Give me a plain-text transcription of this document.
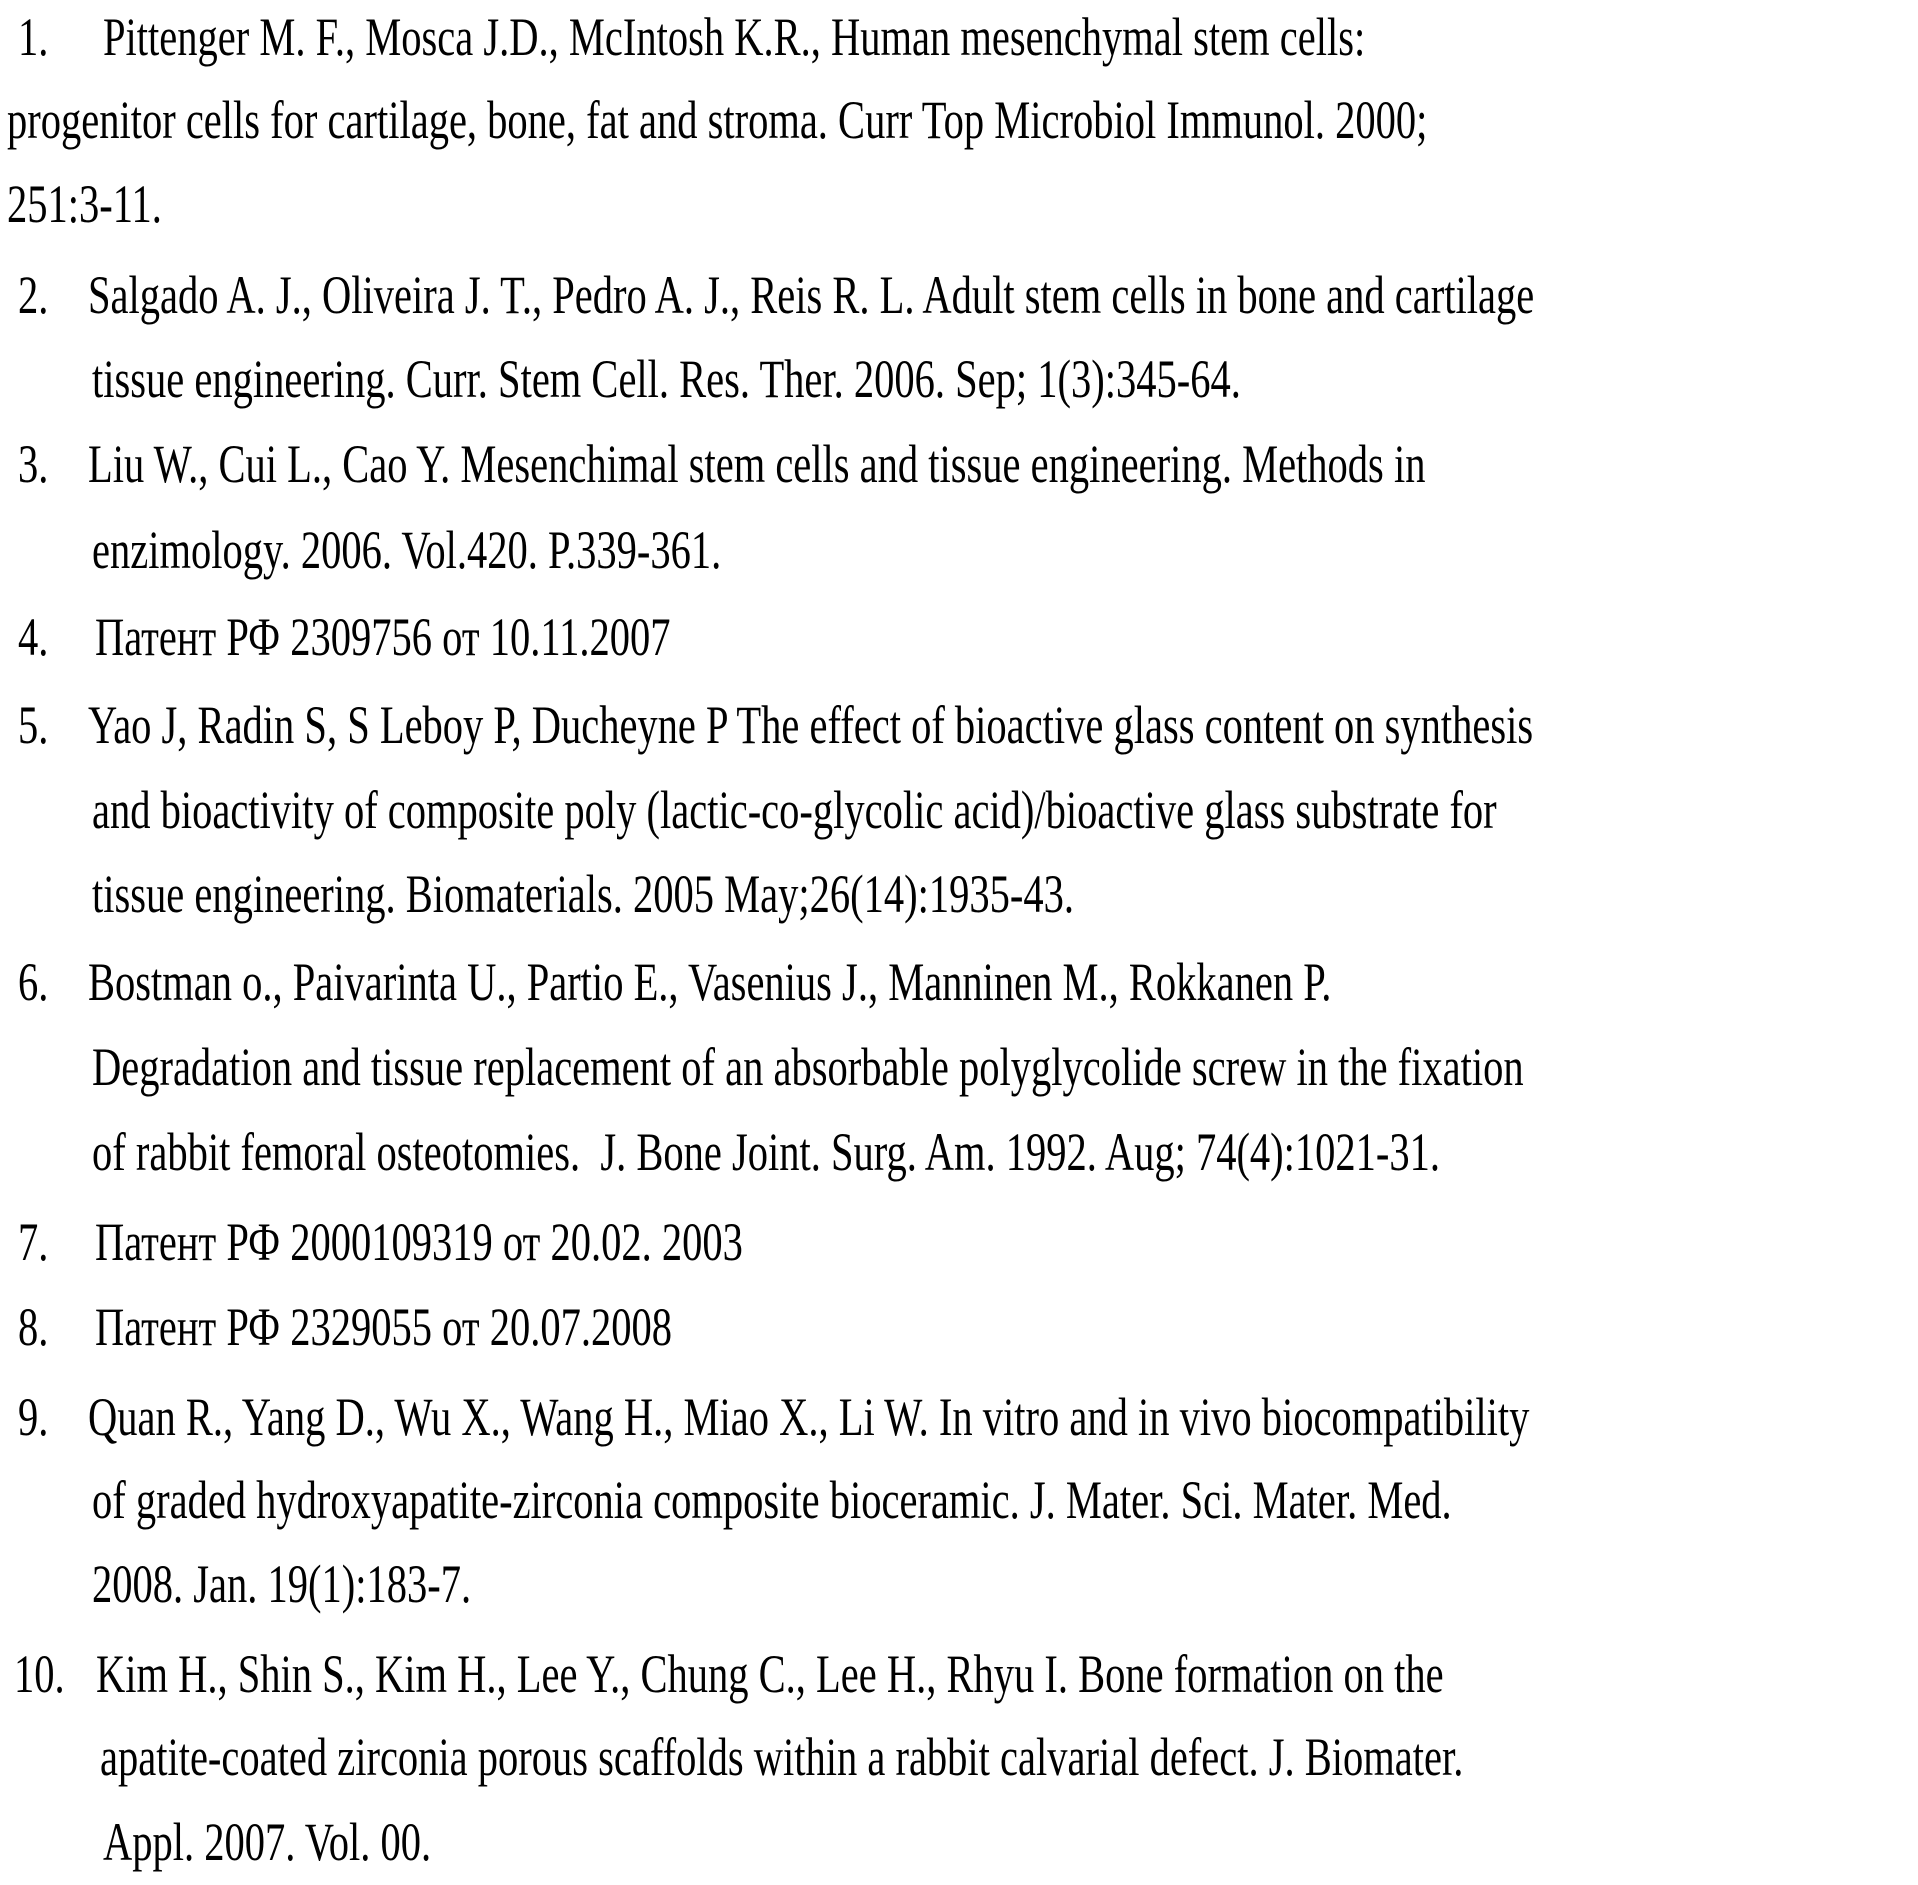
1. Pittenger M. F., Mosca J.D., McIntosh K.R., Human mesenchymal stem cells:
progenitor cells for cartilage, bone, fat and stroma. Curr Top Microbiol Immunol. 2000;
251:3-11.
2. Salgado A. J., Oliveira J. T., Pedro A. J., Reis R. L. Adult stem cells in bone and cartilage
tissue engineering. Curr. Stem Cell. Res. Ther. 2006. Sep; 1(3):345-64.
3. Liu W., Cui L., Cao Y. Mesenchimal stem cells and tissue engineering. Methods in
enzimology. 2006. Vol.420. P.339-361.
4. Патент РФ 2309756 от 10.11.2007
5. Yao J, Radin S, S Leboy P, Ducheyne P The effect of bioactive glass content on synthesis
and bioactivity of composite poly (lactic-co-glycolic acid)/bioactive glass substrate for
tissue engineering. Biomaterials. 2005 May;26(14):1935-43.
6. Bostman o., Paivarinta U., Partio E., Vasenius J., Manninen M., Rokkanen P.
Degradation and tissue replacement of an absorbable polyglycolide screw in the fixation
of rabbit femoral osteotomies.  J. Bone Joint. Surg. Am. 1992. Aug; 74(4):1021-31.
7. Патент РФ 2000109319 от 20.02. 2003
8. Патент РФ 2329055 от 20.07.2008
9. Quan R., Yang D., Wu X., Wang H., Miao X., Li W. In vitro and in vivo biocompatibility
of graded hydroxyapatite-zirconia composite bioceramic. J. Mater. Sci. Mater. Med.
2008. Jan. 19(1):183-7.
10. Kim H., Shin S., Kim H., Lee Y., Chung C., Lee H., Rhyu I. Bone formation on the
apatite-coated zirconia porous scaffolds within a rabbit calvarial defect. J. Biomater.
Appl. 2007. Vol. 00.
